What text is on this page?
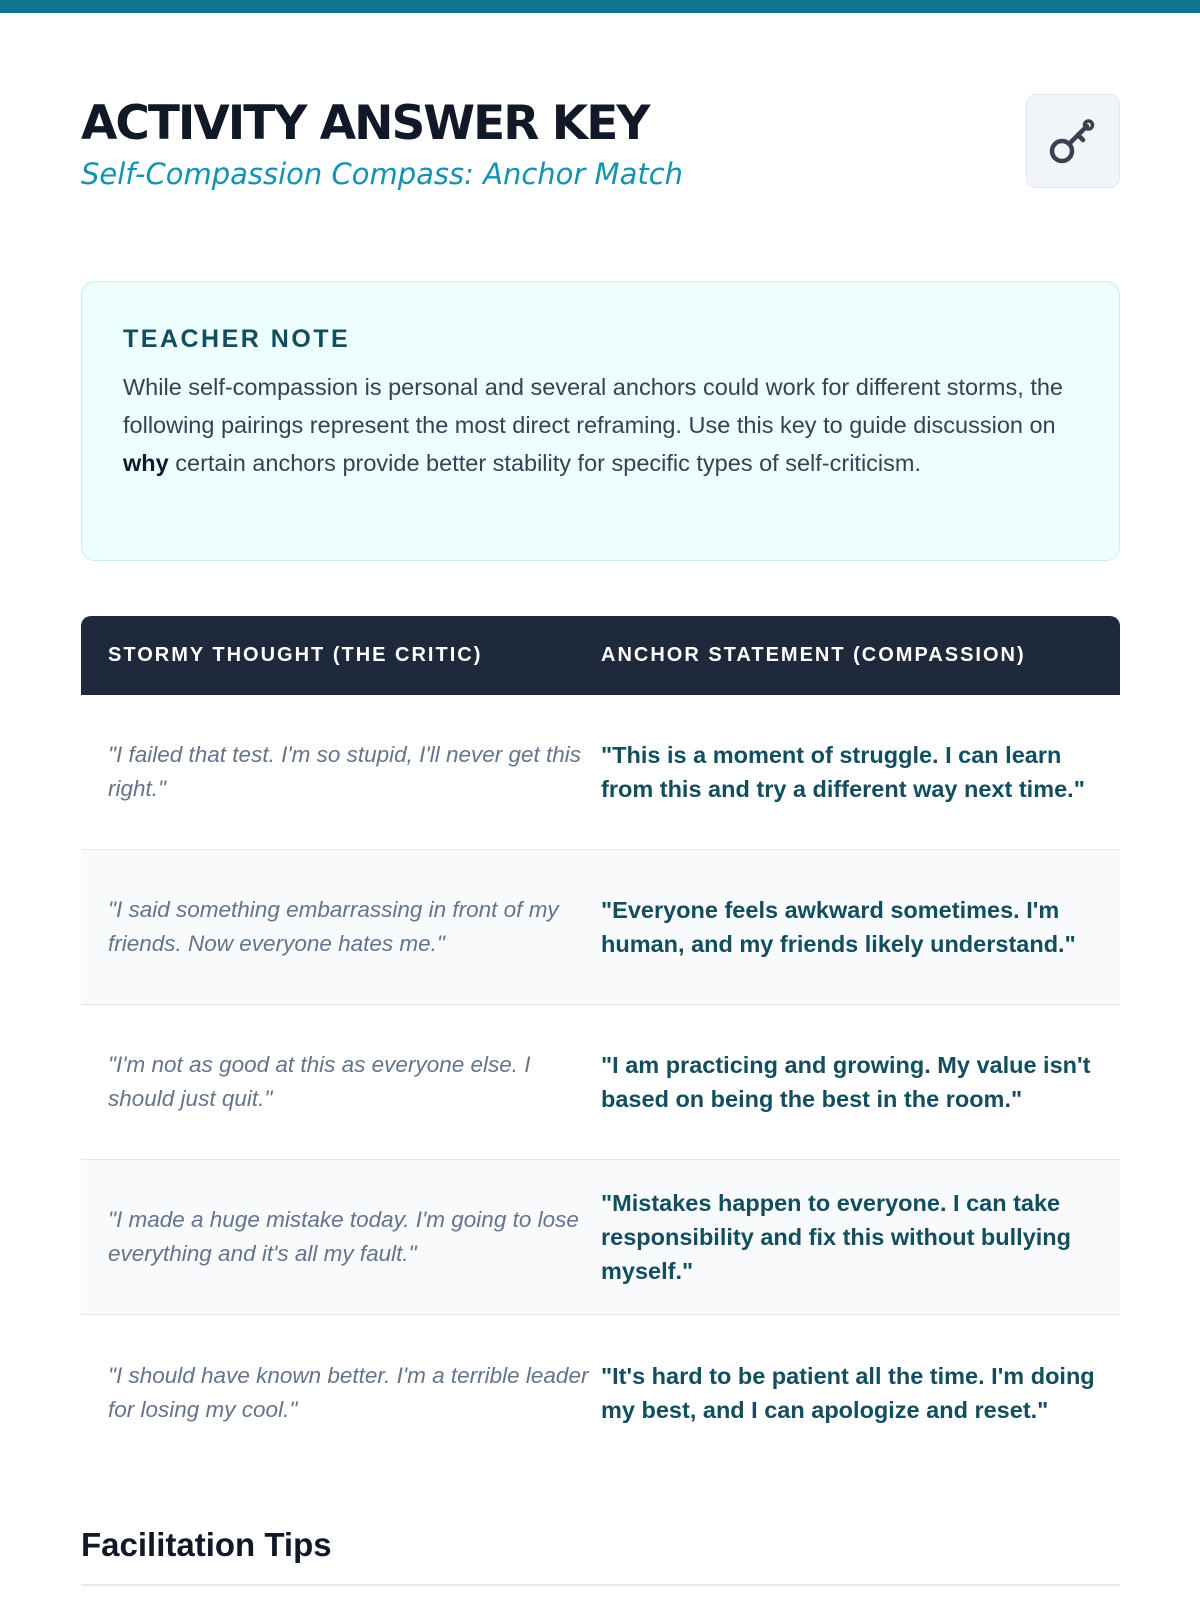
ACTIVITY ANSWER KEY

Self-Compassion Compass: Anchor Match

TEACHER NOTE

While self-compassion is personal and several anchors could work for different storms, the following pairings represent the most direct reframing. Use this key to guide discussion on why certain anchors provide better stability for specific types of self-criticism.

STORMY THOUGHT (THE CRITIC)	ANCHOR STATEMENT (COMPASSION)
"I failed that test. I'm so stupid, I'll never get this right."
"This is a moment of struggle. I can learn from this and try a different way next time."
"I said something embarrassing in front of my friends. Now everyone hates me."
"Everyone feels awkward sometimes. I'm human, and my friends likely understand."
"I'm not as good at this as everyone else. I should just quit."
"I am practicing and growing. My value isn't based on being the best in the room."
"I made a huge mistake today. I'm going to lose everything and it's all my fault."
"Mistakes happen to everyone. I can take responsibility and fix this without bullying myself."
"I should have known better. I'm a terrible leader for losing my cool."
"It's hard to be patient all the time. I'm doing my best, and I can apologize and reset."
Facilitation Tips
